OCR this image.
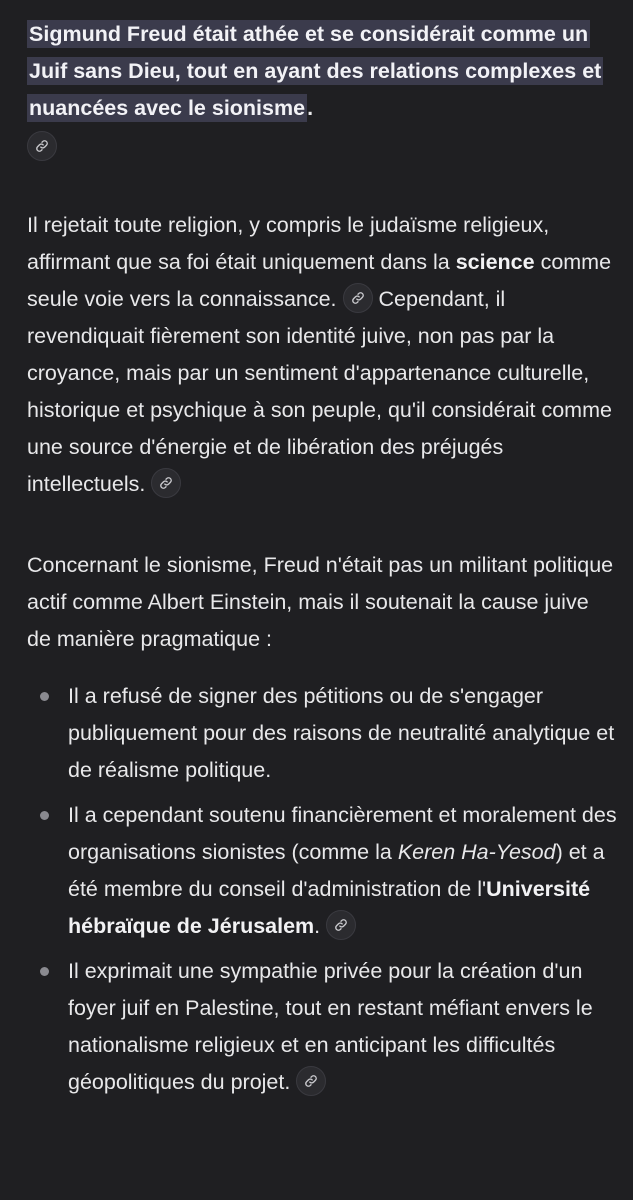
Sigmund Freud était athée et se considérait comme un Juif sans Dieu, tout en ayant des relations complexes et nuancées avec le sionisme.

Il rejetait toute religion, y compris le judaïsme religieux, affirmant que sa foi était uniquement dans la science comme seule voie vers la connaissance.
Cependant, il revendiquait fièrement son identité juive, non pas par la croyance, mais par un sentiment d'appartenance culturelle, historique et psychique à son peuple, qu'il considérait comme une source d'énergie et de libération des préjugés intellectuels.

Concernant le sionisme, Freud n'était pas un militant politique actif comme Albert Einstein, mais il soutenait la cause juive de manière pragmatique :

Il a refusé de signer des pétitions ou de s'engager publiquement pour des raisons de neutralité analytique et de réalisme politique.
Il a cependant soutenu financièrement et moralement des organisations sionistes (comme la Keren Ha-Yesod) et a été membre du conseil d'administration de l'Université hébraïque de Jérusalem.
Il exprimait une sympathie privée pour la création d'un foyer juif en Palestine, tout en restant méfiant envers le nationalisme religieux et en anticipant les difficultés géopolitiques du projet.
